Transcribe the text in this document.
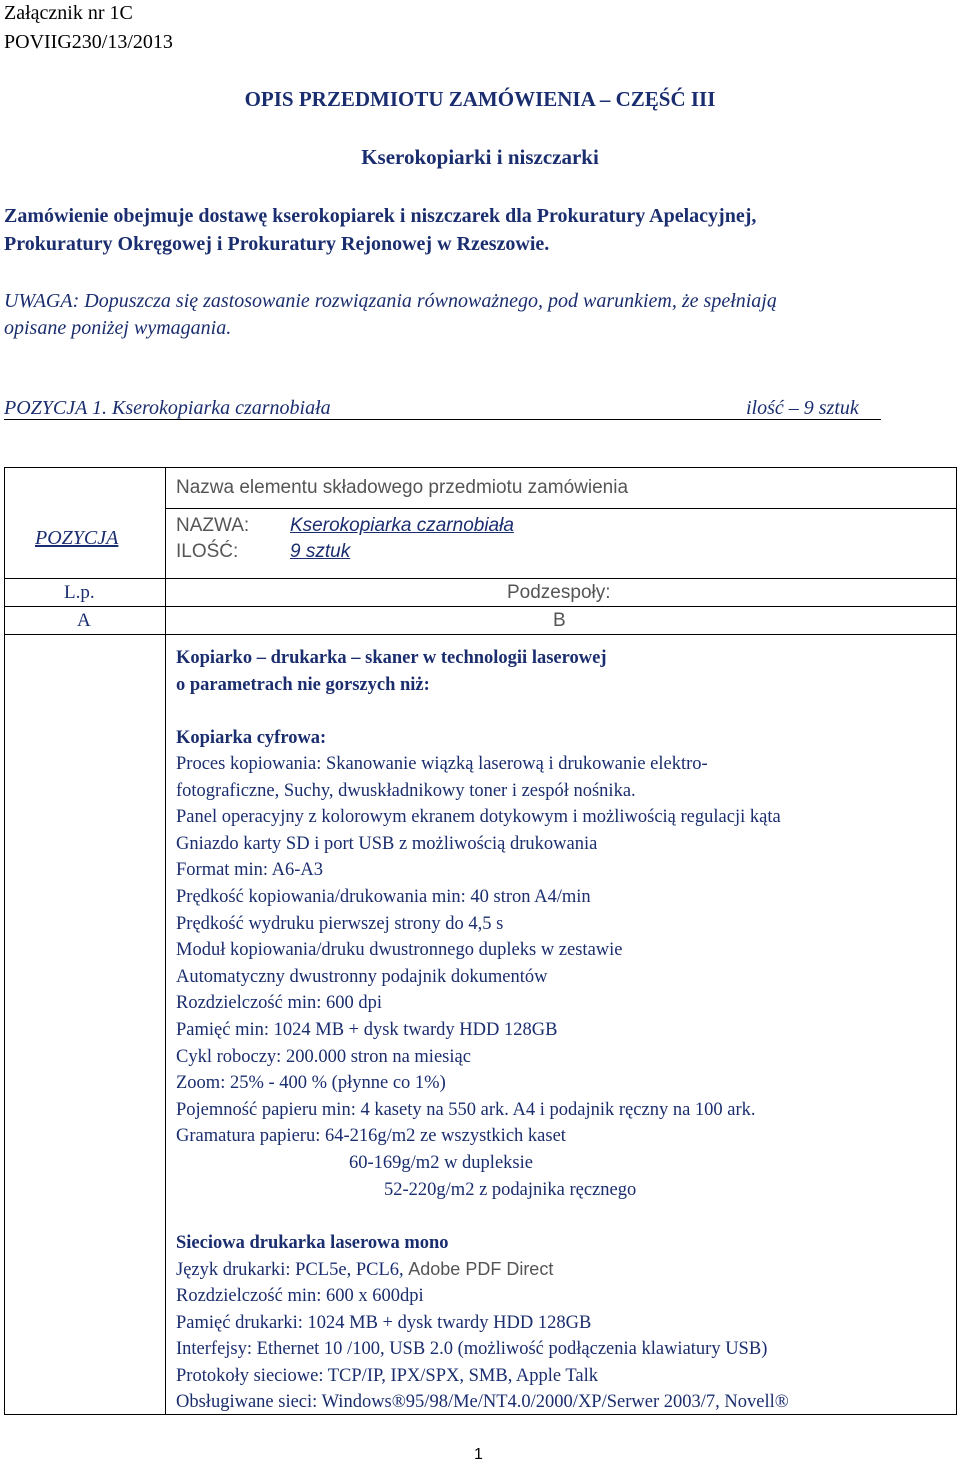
Załącznik nr 1C
POVIIG230/13/2013
OPIS PRZEDMIOTU ZAMÓWIENIA – CZĘŚĆ III
Kserokopiarki i niszczarki
Zamówienie obejmuje dostawę kserokopiarek i niszczarek dla Prokuratury Apelacyjnej,
Prokuratury Okręgowej i Prokuratury Rejonowej w Rzeszowie.
UWAGA: Dopuszcza się zastosowanie rozwiązania równoważnego, pod warunkiem, że spełniają
opisane poniżej wymagania.
POZYCJA 1. Kserokopiarka czarnobiała	ilość – 9 sztuk
POZYCJA
L.p.
A
Nazwa elementu składowego przedmiotu zamówienia
NAZWA: Kserokopiarka czarnobiała
ILOŚĆ:	9 sztuk
Podzespoły:
B
Kopiarko – drukarka – skaner w technologii laserowej
o parametrach nie gorszych niż:
Kopiarka cyfrowa:
Proces kopiowania: Skanowanie wiązką laserową i drukowanie elektro-
fotograficzne, Suchy, dwuskładnikowy toner i zespół nośnika.
Panel operacyjny z kolorowym ekranem dotykowym i możliwością regulacji kąta
Gniazdo karty SD i port USB z możliwością drukowania
Format min: A6-A3
Prędkość kopiowania/drukowania min: 40 stron A4/min
Prędkość wydruku pierwszej strony do 4,5 s
Moduł kopiowania/druku dwustronnego dupleks w zestawie
Automatyczny dwustronny podajnik dokumentów
Rozdzielczość min: 600 dpi
Pamięć min: 1024 MB + dysk twardy HDD 128GB
Cykl roboczy: 200.000 stron na miesiąc
Zoom: 25% - 400 % (płynne co 1%)
Pojemność papieru min: 4 kasety na 550 ark. A4 i podajnik ręczny na 100 ark.
Gramatura papieru: 64-216g/m2 ze wszystkich kaset
60-169g/m2 w dupleksie
52-220g/m2 z podajnika ręcznego
Sieciowa drukarka laserowa mono
Język drukarki: PCL5e, PCL6, Adobe PDF Direct
Rozdzielczość min: 600 x 600dpi
Pamięć drukarki: 1024 MB + dysk twardy HDD 128GB
Interfejsy: Ethernet 10 /100, USB 2.0 (możliwość podłączenia klawiatury USB)
Protokoły sieciowe: TCP/IP, IPX/SPX, SMB, Apple Talk
Obsługiwane sieci: Windows®95/98/Me/NT4.0/2000/XP/Serwer 2003/7, Novell®
1
